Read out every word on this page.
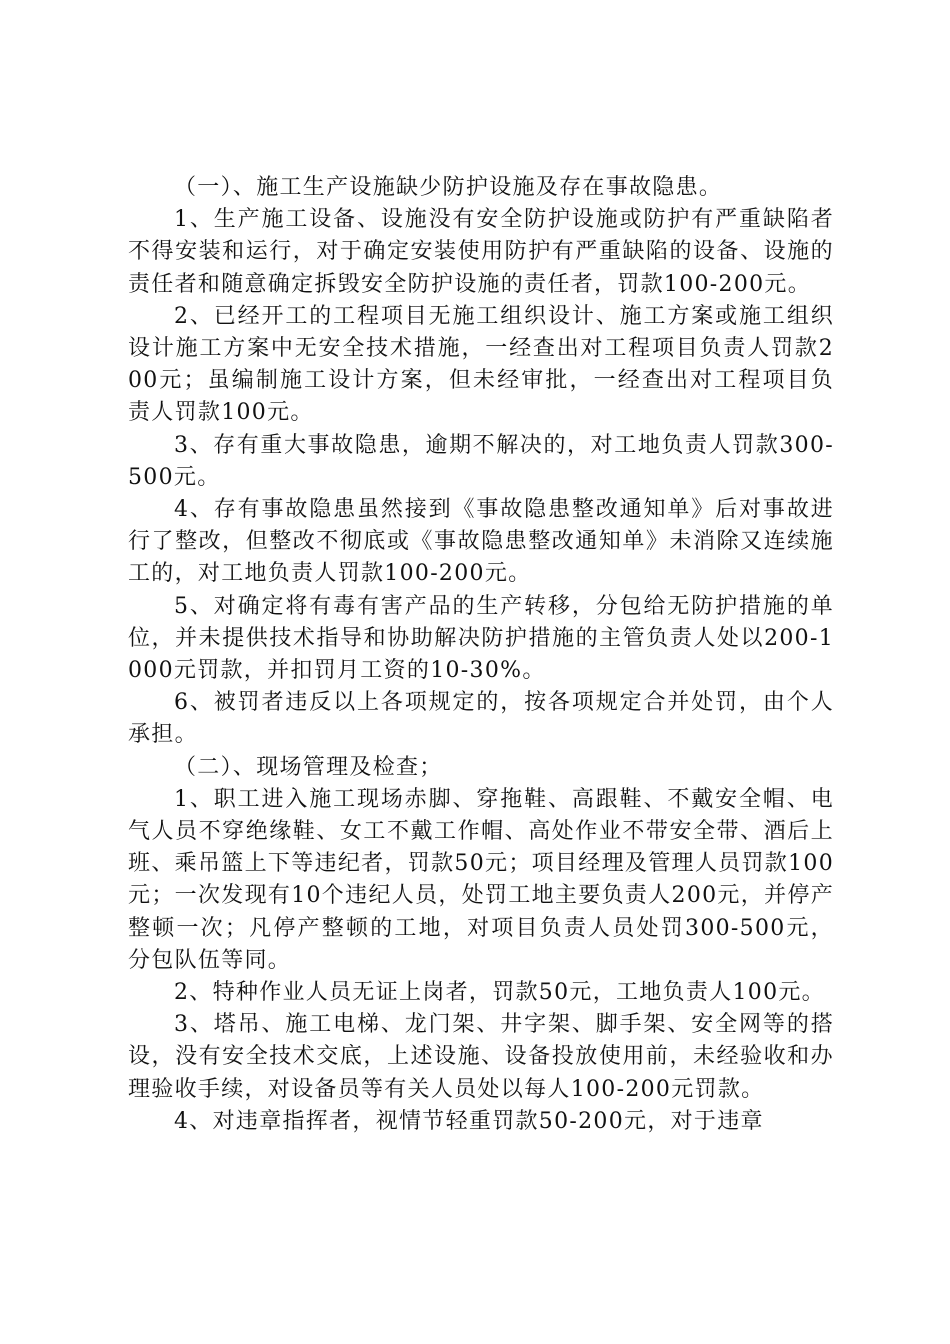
（一）、施工生产设施缺少防护设施及存在事故隐患。

1、生产施工设备、设施没有安全防护设施或防护有严重缺陷者不得安装和运行，对于确定安装使用防护有严重缺陷的设备、设施的责任者和随意确定拆毁安全防护设施的责任者，罚款100-200元。

2、已经开工的工程项目无施工组织设计、施工方案或施工组织设计施工方案中无安全技术措施，一经查出对工程项目负责人罚款200元；虽编制施工设计方案，但未经审批，一经查出对工程项目负责人罚款100元。

3、存有重大事故隐患，逾期不解决的，对工地负责人罚款300-500元。

4、存有事故隐患虽然接到《事故隐患整改通知单》后对事故进行了整改，但整改不彻底或《事故隐患整改通知单》未消除又连续施工的，对工地负责人罚款100-200元。

5、对确定将有毒有害产品的生产转移，分包给无防护措施的单位，并未提供技术指导和协助解决防护措施的主管负责人处以200-1000元罚款，并扣罚月工资的10-30%。

6、被罚者违反以上各项规定的，按各项规定合并处罚，由个人承担。

（二）、现场管理及检查；

1、职工进入施工现场赤脚、穿拖鞋、高跟鞋、不戴安全帽、电气人员不穿绝缘鞋、女工不戴工作帽、高处作业不带安全带、酒后上班、乘吊篮上下等违纪者，罚款50元；项目经理及管理人员罚款100元；一次发现有10个违纪人员，处罚工地主要负责人200元，并停产整顿一次；凡停产整顿的工地，对项目负责人员处罚300-500元，分包队伍等同。

2、特种作业人员无证上岗者，罚款50元，工地负责人100元。

3、塔吊、施工电梯、龙门架、井字架、脚手架、安全网等的搭设，没有安全技术交底，上述设施、设备投放使用前，未经验收和办理验收手续，对设备员等有关人员处以每人100-200元罚款。

4、对违章指挥者，视情节轻重罚款50-200元，对于违章
